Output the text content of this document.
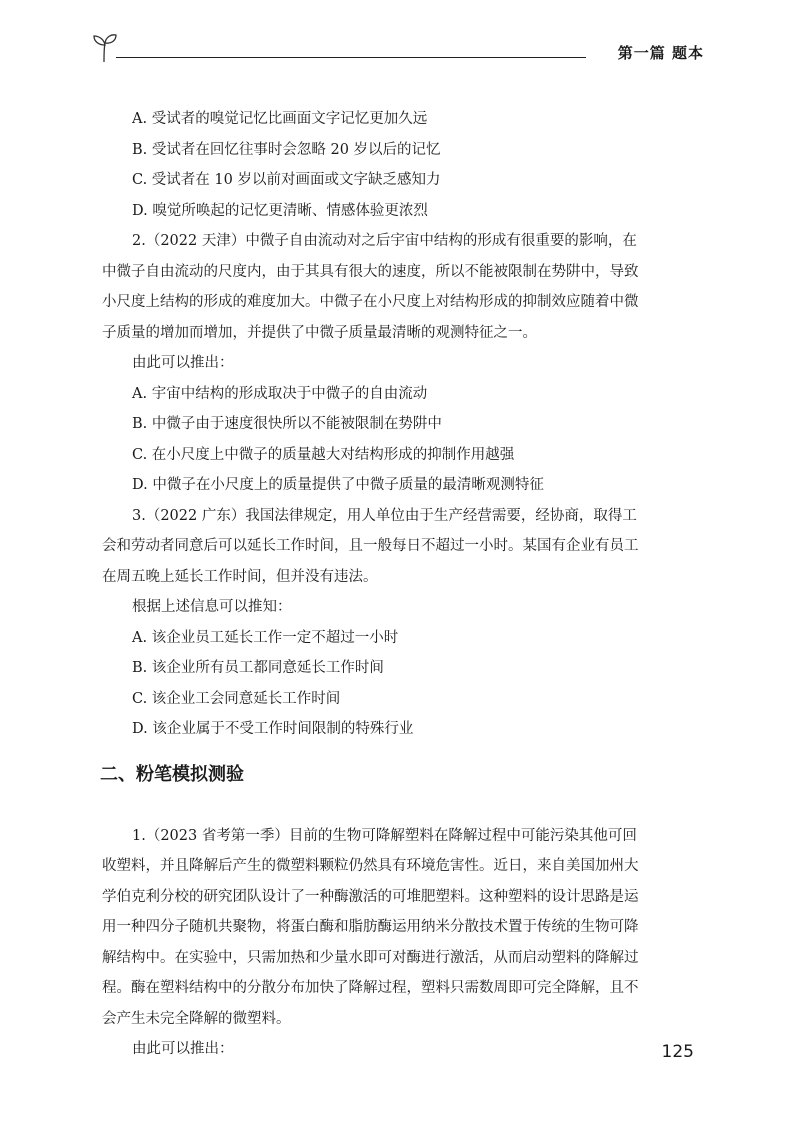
第一篇 题本
A. 受试者的嗅觉记忆比画面文字记忆更加久远
B. 受试者在回忆往事时会忽略 20 岁以后的记忆
C. 受试者在 10 岁以前对画面或文字缺乏感知力
D. 嗅觉所唤起的记忆更清晰、情感体验更浓烈
2.（2022 天津）中微子自由流动对之后宇宙中结构的形成有很重要的影响，在
中微子自由流动的尺度内，由于其具有很大的速度，所以不能被限制在势阱中，导致
小尺度上结构的形成的难度加大。中微子在小尺度上对结构形成的抑制效应随着中微
子质量的增加而增加，并提供了中微子质量最清晰的观测特征之一。
由此可以推出：
A. 宇宙中结构的形成取决于中微子的自由流动
B. 中微子由于速度很快所以不能被限制在势阱中
C. 在小尺度上中微子的质量越大对结构形成的抑制作用越强
D. 中微子在小尺度上的质量提供了中微子质量的最清晰观测特征
3.（2022 广东）我国法律规定，用人单位由于生产经营需要，经协商，取得工
会和劳动者同意后可以延长工作时间，且一般每日不超过一小时。某国有企业有员工
在周五晚上延长工作时间，但并没有违法。
根据上述信息可以推知：
A. 该企业员工延长工作一定不超过一小时
B. 该企业所有员工都同意延长工作时间
C. 该企业工会同意延长工作时间
D. 该企业属于不受工作时间限制的特殊行业
二、粉笔模拟测验
1.（2023 省考第一季）目前的生物可降解塑料在降解过程中可能污染其他可回
收塑料，并且降解后产生的微塑料颗粒仍然具有环境危害性。近日，来自美国加州大
学伯克利分校的研究团队设计了一种酶激活的可堆肥塑料。这种塑料的设计思路是运
用一种四分子随机共聚物，将蛋白酶和脂肪酶运用纳米分散技术置于传统的生物可降
解结构中。在实验中，只需加热和少量水即可对酶进行激活，从而启动塑料的降解过
程。酶在塑料结构中的分散分布加快了降解过程，塑料只需数周即可完全降解，且不
会产生未完全降解的微塑料。
由此可以推出：	125
